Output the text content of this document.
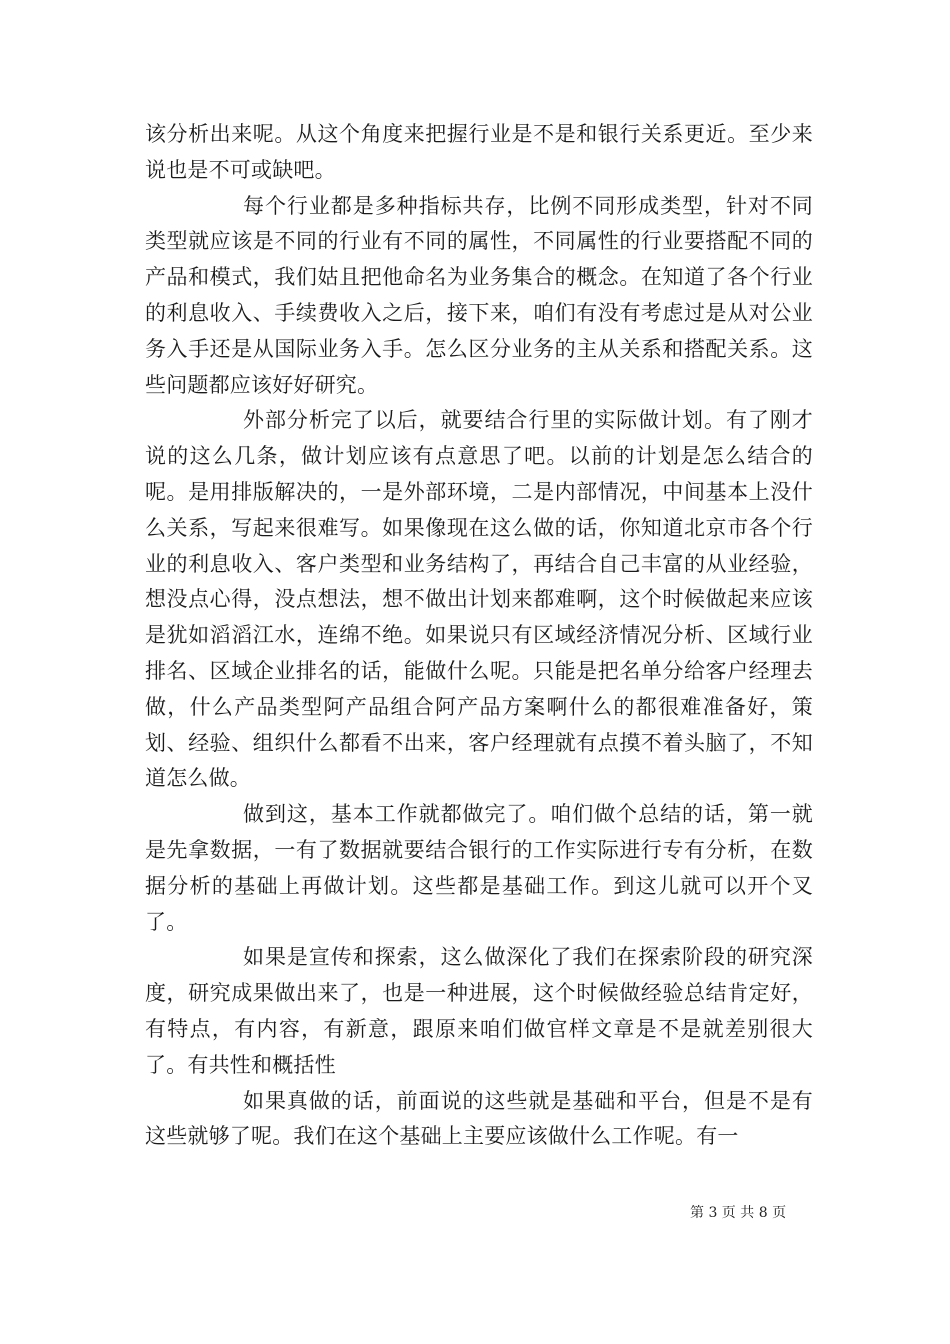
该分析出来呢。从这个角度来把握行业是不是和银行关系更近。至少来说也是不可或缺吧。

每个行业都是多种指标共存，比例不同形成类型，针对不同类型就应该是不同的行业有不同的属性，不同属性的行业要搭配不同的产品和模式，我们姑且把他命名为业务集合的概念。在知道了各个行业的利息收入、手续费收入之后，接下来，咱们有没有考虑过是从对公业务入手还是从国际业务入手。怎么区分业务的主从关系和搭配关系。这些问题都应该好好研究。

外部分析完了以后，就要结合行里的实际做计划。有了刚才说的这么几条，做计划应该有点意思了吧。以前的计划是怎么结合的呢。是用排版解决的，一是外部环境，二是内部情况，中间基本上没什么关系，写起来很难写。如果像现在这么做的话，你知道北京市各个行业的利息收入、客户类型和业务结构了，再结合自己丰富的从业经验，想没点心得，没点想法，想不做出计划来都难啊，这个时候做起来应该是犹如滔滔江水，连绵不绝。如果说只有区域经济情况分析、区域行业排名、区域企业排名的话，能做什么呢。只能是把名单分给客户经理去做，什么产品类型阿产品组合阿产品方案啊什么的都很难准备好，策划、经验、组织什么都看不出来，客户经理就有点摸不着头脑了，不知道怎么做。

做到这，基本工作就都做完了。咱们做个总结的话，第一就是先拿数据，一有了数据就要结合银行的工作实际进行专有分析，在数据分析的基础上再做计划。这些都是基础工作。到这儿就可以开个叉了。

如果是宣传和探索，这么做深化了我们在探索阶段的研究深度，研究成果做出来了，也是一种进展，这个时候做经验总结肯定好，有特点，有内容，有新意，跟原来咱们做官样文章是不是就差别很大了。有共性和概括性

如果真做的话，前面说的这些就是基础和平台，但是不是有这些就够了呢。我们在这个基础上主要应该做什么工作呢。有一

第 3 页 共 8 页
